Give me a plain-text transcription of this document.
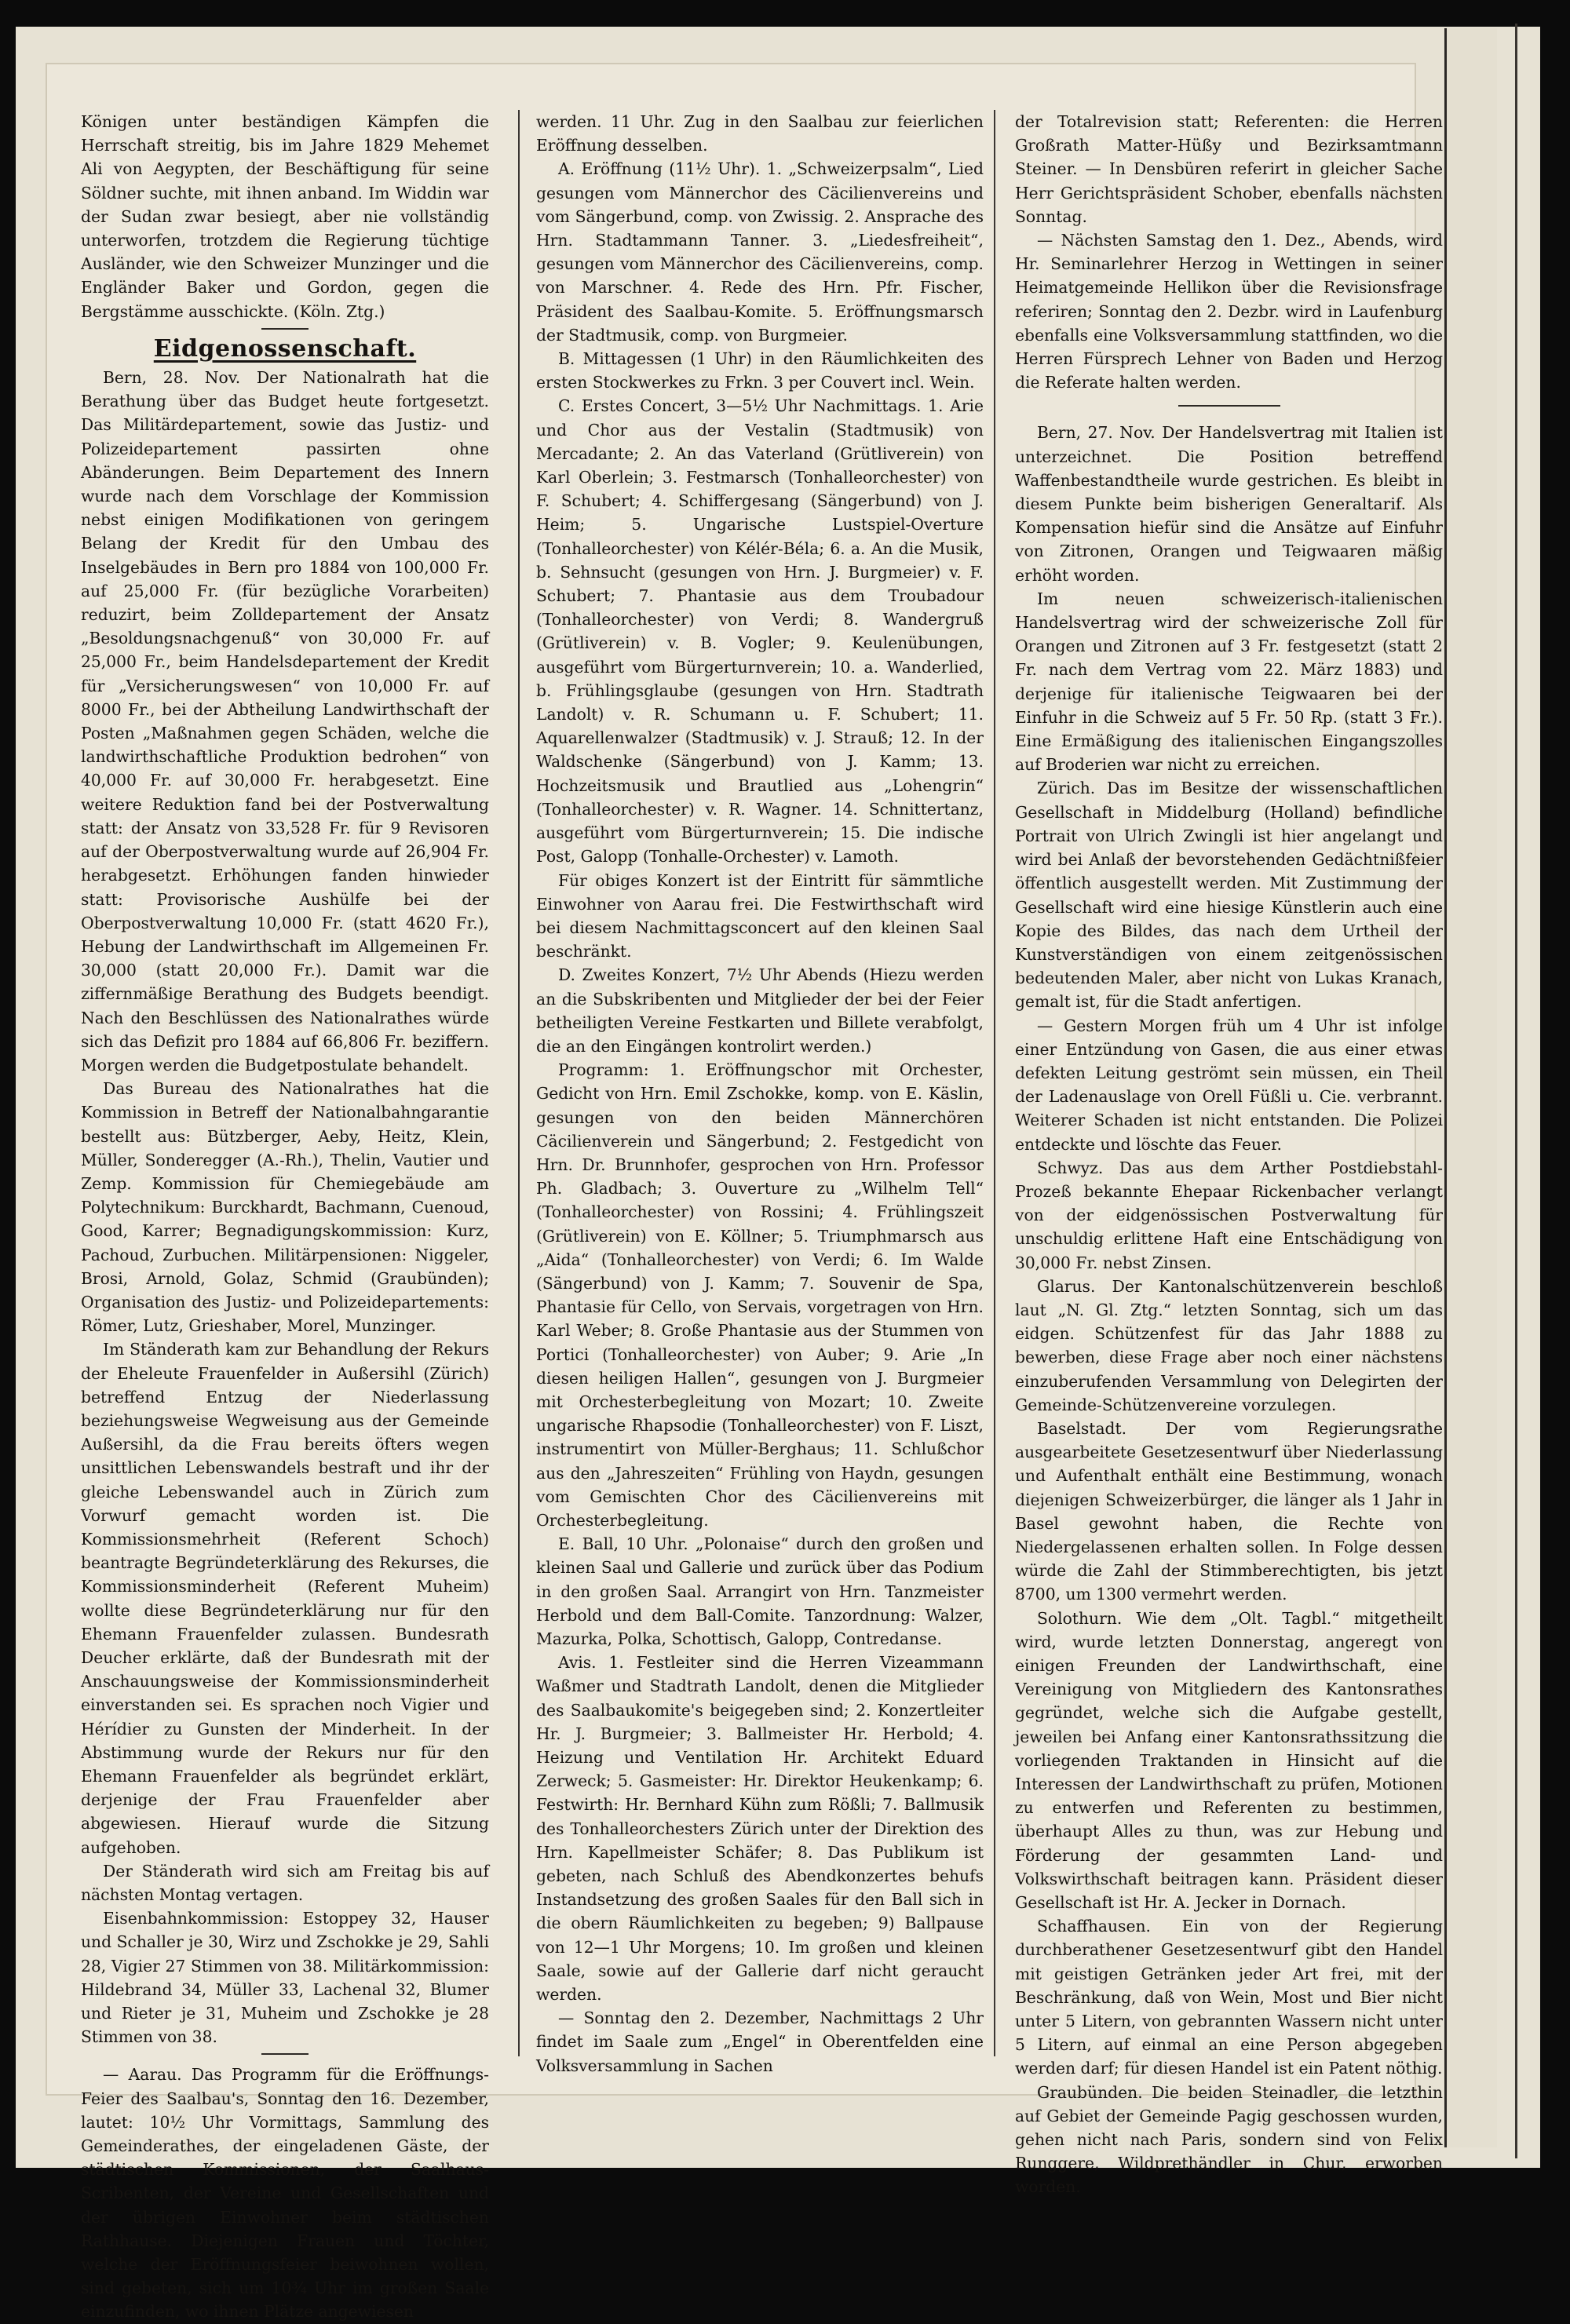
Königen unter beständigen Kämpfen die Herrschaft streitig, bis im Jahre 1829 Mehemet Ali von Aegypten, der Beschäftigung für seine Söldner suchte, mit ihnen anband. Im Widdin war der Sudan zwar besiegt, aber nie vollständig unterworfen, trotzdem die Regierung tüchtige Ausländer, wie den Schweizer Munzinger und die Engländer Baker und Gordon, gegen die Bergstämme ausschickte. (Köln. Ztg.)

Eidgenossenschaft.

Bern, 28. Nov. Der Nationalrath hat die Berathung über das Budget heute fortgesetzt. Das Militärdepartement, sowie das Justiz- und Polizeidepartement passirten ohne Abänderungen. Beim Departement des Innern wurde nach dem Vorschlage der Kommission nebst einigen Modifikationen von geringem Belang der Kredit für den Umbau des Inselgebäudes in Bern pro 1884 von 100,000 Fr. auf 25,000 Fr. (für bezügliche Vorarbeiten) reduzirt, beim Zolldepartement der Ansatz „Besoldungsnachgenuß“ von 30,000 Fr. auf 25,000 Fr., beim Handelsdepartement der Kredit für „Versicherungswesen“ von 10,000 Fr. auf 8000 Fr., bei der Abtheilung Landwirthschaft der Posten „Maßnahmen gegen Schäden, welche die landwirthschaftliche Produktion bedrohen“ von 40,000 Fr. auf 30,000 Fr. herabgesetzt. Eine weitere Reduktion fand bei der Postverwaltung statt: der Ansatz von 33,528 Fr. für 9 Revisoren auf der Oberpostverwaltung wurde auf 26,904 Fr. herabgesetzt. Erhöhungen fanden hinwieder statt: Provisorische Aushülfe bei der Oberpostverwaltung 10,000 Fr. (statt 4620 Fr.), Hebung der Landwirthschaft im Allgemeinen Fr. 30,000 (statt 20,000 Fr.). Damit war die ziffernmäßige Berathung des Budgets beendigt. Nach den Beschlüssen des Nationalrathes würde sich das Defizit pro 1884 auf 66,806 Fr. beziffern. Morgen werden die Budgetpostulate behandelt.

Das Bureau des Nationalrathes hat die Kommission in Betreff der Nationalbahngarantie bestellt aus: Bützberger, Aeby, Heitz, Klein, Müller, Sonderegger (A.-Rh.), Thelin, Vautier und Zemp. Kommission für Chemiegebäude am Polytechnikum: Burckhardt, Bachmann, Cuenoud, Good, Karrer; Begnadigungskommission: Kurz, Pachoud, Zurbuchen. Militärpensionen: Niggeler, Brosi, Arnold, Golaz, Schmid (Graubünden); Organisation des Justiz- und Polizeidepartements: Römer, Lutz, Grieshaber, Morel, Munzinger.

Im Ständerath kam zur Behandlung der Rekurs der Eheleute Frauenfelder in Außersihl (Zürich) betreffend Entzug der Niederlassung beziehungsweise Wegweisung aus der Gemeinde Außersihl, da die Frau bereits öfters wegen unsittlichen Lebenswandels bestraft und ihr der gleiche Lebenswandel auch in Zürich zum Vorwurf gemacht worden ist. Die Kommissionsmehrheit (Referent Schoch) beantragte Begründeterklärung des Rekurses, die Kommissionsminderheit (Referent Muheim) wollte diese Begründeterklärung nur für den Ehemann Frauenfelder zulassen. Bundesrath Deucher erklärte, daß der Bundesrath mit der Anschauungsweise der Kommissionsminderheit einverstanden sei. Es sprachen noch Vigier und Hérídier zu Gunsten der Minderheit. In der Abstimmung wurde der Rekurs nur für den Ehemann Frauenfelder als begründet erklärt, derjenige der Frau Frauenfelder aber abgewiesen. Hierauf wurde die Sitzung aufgehoben.

Der Ständerath wird sich am Freitag bis auf nächsten Montag vertagen.

Eisenbahnkommission: Estoppey 32, Hauser und Schaller je 30, Wirz und Zschokke je 29, Sahli 28, Vigier 27 Stimmen von 38. Militärkommission: Hildebrand 34, Müller 33, Lachenal 32, Blumer und Rieter je 31, Muheim und Zschokke je 28 Stimmen von 38.

— Aarau. Das Programm für die Eröffnungs-Feier des Saalbau's, Sonntag den 16. Dezember, lautet: 10½ Uhr Vormittags, Sammlung des Gemeinderathes, der eingeladenen Gäste, der städtischen Kommissionen, der Saalhaus-Scribenten, der Vereine und Gesellschaften und der übrigen Einwohner beim städtischen Rathhause. Diejenigen Frauen und Töchter, welche der Eröffnungsfeier beiwohnen wollen, sind gebeten, sich um 10¾ Uhr im großen Saale einzufinden, wo ihnen Plätze angewiesen

werden. 11 Uhr. Zug in den Saalbau zur feierlichen Eröffnung desselben.

A. Eröffnung (11½ Uhr). 1. „Schweizerpsalm“, Lied gesungen vom Männerchor des Cäcilienvereins und vom Sängerbund, comp. von Zwissig. 2. Ansprache des Hrn. Stadtammann Tanner. 3. „Liedesfreiheit“, gesungen vom Männerchor des Cäcilienvereins, comp. von Marschner. 4. Rede des Hrn. Pfr. Fischer, Präsident des Saalbau-Komite. 5. Eröffnungsmarsch der Stadtmusik, comp. von Burgmeier.

B. Mittagessen (1 Uhr) in den Räumlichkeiten des ersten Stockwerkes zu Frkn. 3 per Couvert incl. Wein.

C. Erstes Concert, 3—5½ Uhr Nachmittags. 1. Arie und Chor aus der Vestalin (Stadtmusik) von Mercadante; 2. An das Vaterland (Grütliverein) von Karl Oberlein; 3. Festmarsch (Tonhalleorchester) von F. Schubert; 4. Schiffergesang (Sängerbund) von J. Heim; 5. Ungarische Lustspiel-Overture (Tonhalleorchester) von Kélér-Béla; 6. a. An die Musik, b. Sehnsucht (gesungen von Hrn. J. Burgmeier) v. F. Schubert; 7. Phantasie aus dem Troubadour (Tonhalleorchester) von Verdi; 8. Wandergruß (Grütliverein) v. B. Vogler; 9. Keulenübungen, ausgeführt vom Bürgerturnverein; 10. a. Wanderlied, b. Frühlingsglaube (gesungen von Hrn. Stadtrath Landolt) v. R. Schumann u. F. Schubert; 11. Aquarellenwalzer (Stadtmusik) v. J. Strauß; 12. In der Waldschenke (Sängerbund) von J. Kamm; 13. Hochzeitsmusik und Brautlied aus „Lohengrin“ (Tonhalleorchester) v. R. Wagner. 14. Schnittertanz, ausgeführt vom Bürgerturnverein; 15. Die indische Post, Galopp (Tonhalle-Orchester) v. Lamoth.

Für obiges Konzert ist der Eintritt für sämmtliche Einwohner von Aarau frei. Die Festwirthschaft wird bei diesem Nachmittagsconcert auf den kleinen Saal beschränkt.

D. Zweites Konzert, 7½ Uhr Abends (Hiezu werden an die Subskribenten und Mitglieder der bei der Feier betheiligten Vereine Festkarten und Billete verabfolgt, die an den Eingängen kontrolirt werden.)

Programm: 1. Eröffnungschor mit Orchester, Gedicht von Hrn. Emil Zschokke, komp. von E. Käslin, gesungen von den beiden Männerchören Cäcilienverein und Sängerbund; 2. Festgedicht von Hrn. Dr. Brunnhofer, gesprochen von Hrn. Professor Ph. Gladbach; 3. Ouverture zu „Wilhelm Tell“ (Tonhalleorchester) von Rossini; 4. Frühlingszeit (Grütliverein) von E. Köllner; 5. Triumphmarsch aus „Aida“ (Tonhalleorchester) von Verdi; 6. Im Walde (Sängerbund) von J. Kamm; 7. Souvenir de Spa, Phantasie für Cello, von Servais, vorgetragen von Hrn. Karl Weber; 8. Große Phantasie aus der Stummen von Portici (Tonhalleorchester) von Auber; 9. Arie „In diesen heiligen Hallen“, gesungen von J. Burgmeier mit Orchesterbegleitung von Mozart; 10. Zweite ungarische Rhapsodie (Tonhalleorchester) von F. Liszt, instrumentirt von Müller-Berghaus; 11. Schlußchor aus den „Jahreszeiten“ Frühling von Haydn, gesungen vom Gemischten Chor des Cäcilienvereins mit Orchesterbegleitung.

E. Ball, 10 Uhr. „Polonaise“ durch den großen und kleinen Saal und Gallerie und zurück über das Podium in den großen Saal. Arrangirt von Hrn. Tanzmeister Herbold und dem Ball-Comite. Tanzordnung: Walzer, Mazurka, Polka, Schottisch, Galopp, Contredanse.

Avis. 1. Festleiter sind die Herren Vizeammann Waßmer und Stadtrath Landolt, denen die Mitglieder des Saalbaukomite's beigegeben sind; 2. Konzertleiter Hr. J. Burgmeier; 3. Ballmeister Hr. Herbold; 4. Heizung und Ventilation Hr. Architekt Eduard Zerweck; 5. Gasmeister: Hr. Direktor Heukenkamp; 6. Festwirth: Hr. Bernhard Kühn zum Rößli; 7. Ballmusik des Tonhalleorchesters Zürich unter der Direktion des Hrn. Kapellmeister Schäfer; 8. Das Publikum ist gebeten, nach Schluß des Abendkonzertes behufs Instandsetzung des großen Saales für den Ball sich in die obern Räumlichkeiten zu begeben; 9) Ballpause von 12—1 Uhr Morgens; 10. Im großen und kleinen Saale, sowie auf der Gallerie darf nicht geraucht werden.

— Sonntag den 2. Dezember, Nachmittags 2 Uhr findet im Saale zum „Engel“ in Oberentfelden eine Volksversammlung in Sachen

der Totalrevision statt; Referenten: die Herren Großrath Matter-Hüßy und Bezirksamtmann Steiner. — In Densbüren referirt in gleicher Sache Herr Gerichtspräsident Schober, ebenfalls nächsten Sonntag.

— Nächsten Samstag den 1. Dez., Abends, wird Hr. Seminarlehrer Herzog in Wettingen in seiner Heimatgemeinde Hellikon über die Revisionsfrage referiren; Sonntag den 2. Dezbr. wird in Laufenburg ebenfalls eine Volksversammlung stattfinden, wo die Herren Fürsprech Lehner von Baden und Herzog die Referate halten werden.

Bern, 27. Nov. Der Handelsvertrag mit Italien ist unterzeichnet. Die Position betreffend Waffenbestandtheile wurde gestrichen. Es bleibt in diesem Punkte beim bisherigen Generaltarif. Als Kompensation hiefür sind die Ansätze auf Einfuhr von Zitronen, Orangen und Teigwaaren mäßig erhöht worden.

Im neuen schweizerisch-italienischen Handelsvertrag wird der schweizerische Zoll für Orangen und Zitronen auf 3 Fr. festgesetzt (statt 2 Fr. nach dem Vertrag vom 22. März 1883) und derjenige für italienische Teigwaaren bei der Einfuhr in die Schweiz auf 5 Fr. 50 Rp. (statt 3 Fr.). Eine Ermäßigung des italienischen Eingangszolles auf Broderien war nicht zu erreichen.

Zürich. Das im Besitze der wissenschaftlichen Gesellschaft in Middelburg (Holland) befindliche Portrait von Ulrich Zwingli ist hier angelangt und wird bei Anlaß der bevorstehenden Gedächtnißfeier öffentlich ausgestellt werden. Mit Zustimmung der Gesellschaft wird eine hiesige Künstlerin auch eine Kopie des Bildes, das nach dem Urtheil der Kunstverständigen von einem zeitgenössischen bedeutenden Maler, aber nicht von Lukas Kranach, gemalt ist, für die Stadt anfertigen.

— Gestern Morgen früh um 4 Uhr ist infolge einer Entzündung von Gasen, die aus einer etwas defekten Leitung geströmt sein müssen, ein Theil der Ladenauslage von Orell Füßli u. Cie. verbrannt. Weiterer Schaden ist nicht entstanden. Die Polizei entdeckte und löschte das Feuer.

Schwyz. Das aus dem Arther Postdiebstahl-Prozeß bekannte Ehepaar Rickenbacher verlangt von der eidgenössischen Postverwaltung für unschuldig erlittene Haft eine Entschädigung von 30,000 Fr. nebst Zinsen.

Glarus. Der Kantonalschützenverein beschloß laut „N. Gl. Ztg.“ letzten Sonntag, sich um das eidgen. Schützenfest für das Jahr 1888 zu bewerben, diese Frage aber noch einer nächstens einzuberufenden Versammlung von Delegirten der Gemeinde-Schützenvereine vorzulegen.

Baselstadt. Der vom Regierungsrathe ausgearbeitete Gesetzesentwurf über Niederlassung und Aufenthalt enthält eine Bestimmung, wonach diejenigen Schweizerbürger, die länger als 1 Jahr in Basel gewohnt haben, die Rechte von Niedergelassenen erhalten sollen. In Folge dessen würde die Zahl der Stimmberechtigten, bis jetzt 8700, um 1300 vermehrt werden.

Solothurn. Wie dem „Olt. Tagbl.“ mitgetheilt wird, wurde letzten Donnerstag, angeregt von einigen Freunden der Landwirthschaft, eine Vereinigung von Mitgliedern des Kantonsrathes gegründet, welche sich die Aufgabe gestellt, jeweilen bei Anfang einer Kantonsrathssitzung die vorliegenden Traktanden in Hinsicht auf die Interessen der Landwirthschaft zu prüfen, Motionen zu entwerfen und Referenten zu bestimmen, überhaupt Alles zu thun, was zur Hebung und Förderung der gesammten Land- und Volkswirthschaft beitragen kann. Präsident dieser Gesellschaft ist Hr. A. Jecker in Dornach.

Schaffhausen. Ein von der Regierung durchberathener Gesetzesentwurf gibt den Handel mit geistigen Getränken jeder Art frei, mit der Beschränkung, daß von Wein, Most und Bier nicht unter 5 Litern, von gebrannten Wassern nicht unter 5 Litern, auf einmal an eine Person abgegeben werden darf; für diesen Handel ist ein Patent nöthig.

Graubünden. Die beiden Steinadler, die letzthin auf Gebiet der Gemeinde Pagig geschossen wurden, gehen nicht nach Paris, sondern sind von Felix Runggere, Wildprethändler in Chur, erworben worden.
